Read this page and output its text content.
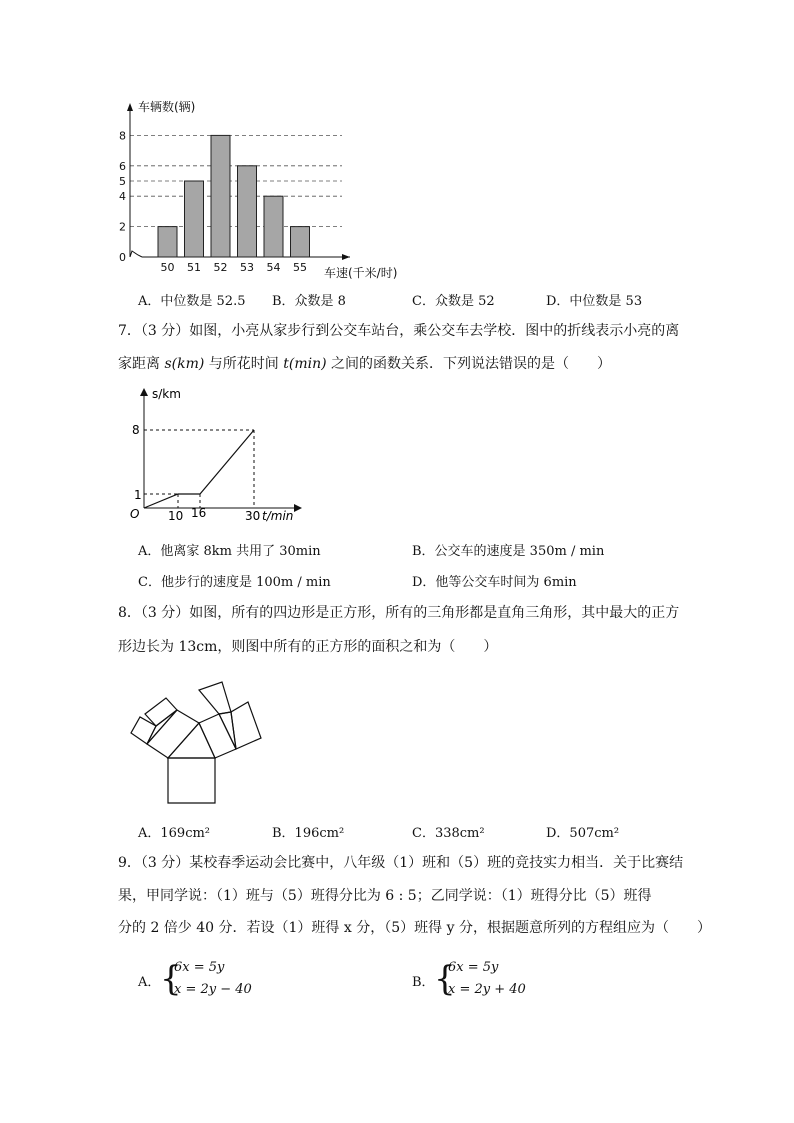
50 51 52 53 54 55
0
2
4
5
6
8
车辆数(辆)
车速(千米/时)
A．中位数是 52.5 B．众数是 8	C．众数是 52	D．中位数是 53
7．（3 分）如图，小亮从家步行到公交车站台，乘公交车去学校．图中的折线表示小亮的离
家距离 s(km) 与所花时间 t(min) 之间的函数关系．下列说法错误的是（　　）
s/km
O
1
8
10 16	30 t/min
A．他离家 8km 共用了 30min	B．公交车的速度是 350m / min
C．他步行的速度是 100m / min	D．他等公交车时间为 6min
8．（3 分）如图，所有的四边形是正方形，所有的三角形都是直角三角形，其中最大的正方
形边长为 13cm，则图中所有的正方形的面积之和为（　　）
A．169cm²	B．196cm²	C．338cm²	D．507cm²
9．（3 分）某校春季运动会比赛中，八年级（1）班和（5）班的竞技实力相当．关于比赛结
果，甲同学说：（1）班与（5）班得分比为 6 : 5；乙同学说：（1）班得分比（5）班得
分的 2 倍少 40 分．若设（1）班得 x 分，（5）班得 y 分，根据题意所列的方程组应为（　　）
A． {
6x = 5y
x = 2y − 40	B． {
6x = 5y
x = 2y + 40
